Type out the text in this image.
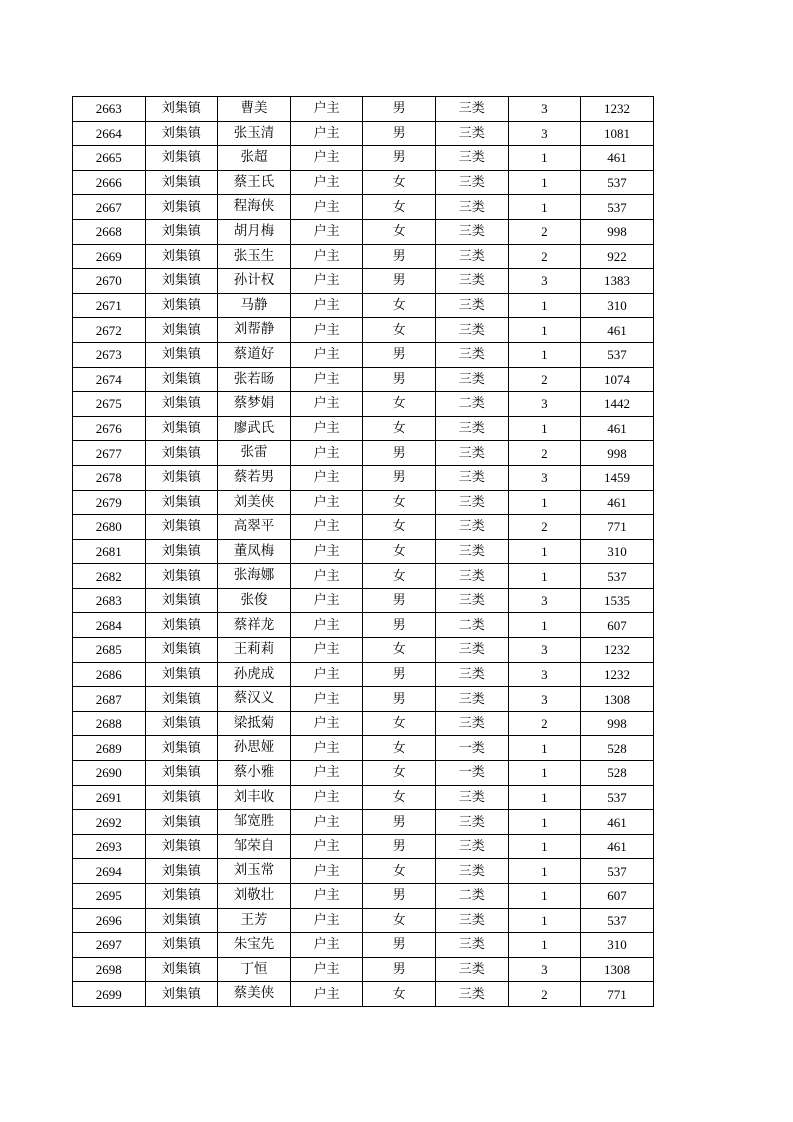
2663	刘集镇	曹美	户主	男	三类	3	1232
2664	刘集镇	张玉清	户主	男	三类	3	1081
2665	刘集镇	张超	户主	男	三类	1	461
2666	刘集镇	蔡王氏	户主	女	三类	1	537
2667	刘集镇	程海侠	户主	女	三类	1	537
2668	刘集镇	胡月梅	户主	女	三类	2	998
2669	刘集镇	张玉生	户主	男	三类	2	922
2670	刘集镇	孙计权	户主	男	三类	3	1383
2671	刘集镇	马静	户主	女	三类	1	310
2672	刘集镇	刘帮静	户主	女	三类	1	461
2673	刘集镇	蔡道好	户主	男	三类	1	537
2674	刘集镇	张若旸	户主	男	三类	2	1074
2675	刘集镇	蔡梦娟	户主	女	二类	3	1442
2676	刘集镇	廖武氏	户主	女	三类	1	461
2677	刘集镇	张雷	户主	男	三类	2	998
2678	刘集镇	蔡若男	户主	男	三类	3	1459
2679	刘集镇	刘美侠	户主	女	三类	1	461
2680	刘集镇	高翠平	户主	女	三类	2	771
2681	刘集镇	董凤梅	户主	女	三类	1	310
2682	刘集镇	张海娜	户主	女	三类	1	537
2683	刘集镇	张俊	户主	男	三类	3	1535
2684	刘集镇	蔡祥龙	户主	男	二类	1	607
2685	刘集镇	王莉莉	户主	女	三类	3	1232
2686	刘集镇	孙虎成	户主	男	三类	3	1232
2687	刘集镇	蔡汉义	户主	男	三类	3	1308
2688	刘集镇	梁抵菊	户主	女	三类	2	998
2689	刘集镇	孙思娅	户主	女	一类	1	528
2690	刘集镇	蔡小雅	户主	女	一类	1	528
2691	刘集镇	刘丰收	户主	女	三类	1	537
2692	刘集镇	邹宽胜	户主	男	三类	1	461
2693	刘集镇	邹荣自	户主	男	三类	1	461
2694	刘集镇	刘玉常	户主	女	三类	1	537
2695	刘集镇	刘敬壮	户主	男	二类	1	607
2696	刘集镇	王芳	户主	女	三类	1	537
2697	刘集镇	朱宝先	户主	男	三类	1	310
2698	刘集镇	丁恒	户主	男	三类	3	1308
2699	刘集镇	蔡美侠	户主	女	三类	2	771
